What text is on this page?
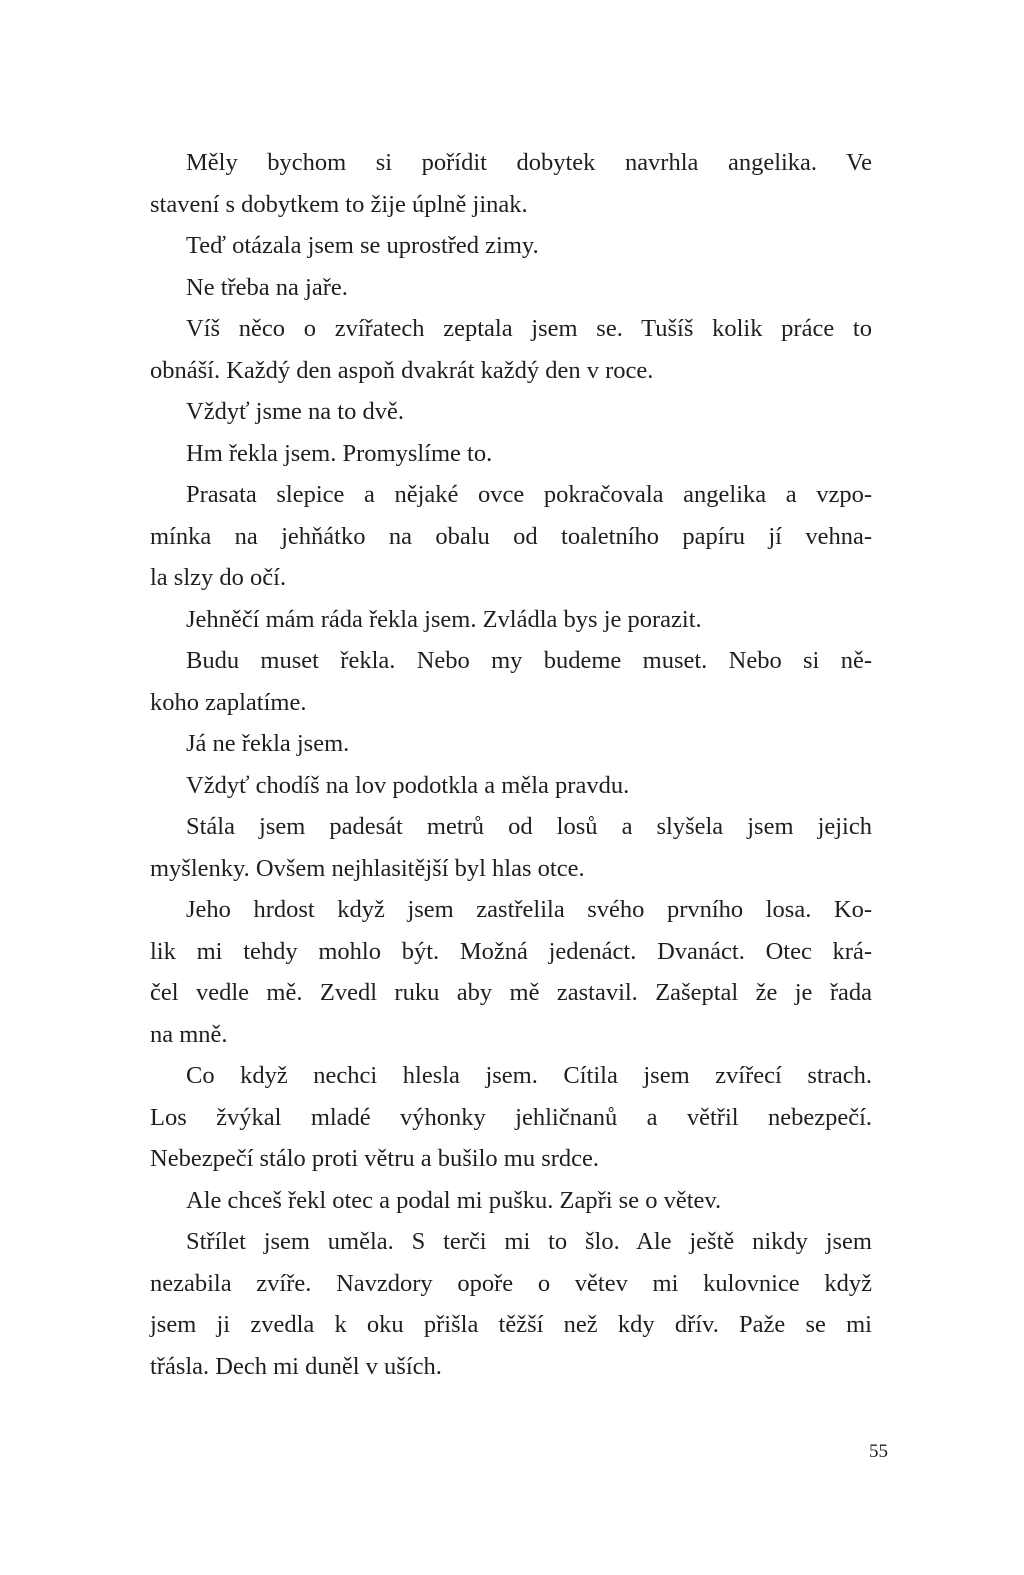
Měly bychom si pořídit dobytek navrhla angelika. Ve
stavení s dobytkem to žije úplně jinak.
Teď otázala jsem se uprostřed zimy.
Ne třeba na jaře.
Víš něco o zvířatech zeptala jsem se. Tušíš kolik práce to
obnáší. Každý den aspoň dvakrát každý den v roce.
Vždyť jsme na to dvě.
Hm řekla jsem. Promyslíme to.
Prasata slepice a nějaké ovce pokračovala angelika a vzpo-
mínka na jehňátko na obalu od toaletního papíru jí vehna-
la slzy do očí.
Jehněčí mám ráda řekla jsem. Zvládla bys je porazit.
Budu muset řekla. Nebo my budeme muset. Nebo si ně-
koho zaplatíme.
Já ne řekla jsem.
Vždyť chodíš na lov podotkla a měla pravdu.
Stála jsem padesát metrů od losů a slyšela jsem jejich
myšlenky. Ovšem nejhlasitější byl hlas otce.
Jeho hrdost když jsem zastřelila svého prvního losa. Ko-
lik mi tehdy mohlo být. Možná jedenáct. Dvanáct. Otec krá-
čel vedle mě. Zvedl ruku aby mě zastavil. Zašeptal že je řada
na mně.
Co když nechci hlesla jsem. Cítila jsem zvířecí strach.
Los žvýkal mladé výhonky jehličnanů a větřil nebezpečí.
Nebezpečí stálo proti větru a bušilo mu srdce.
Ale chceš řekl otec a podal mi pušku. Zapři se o větev.
Střílet jsem uměla. S terči mi to šlo. Ale ještě nikdy jsem
nezabila zvíře. Navzdory opoře o větev mi kulovnice když
jsem ji zvedla k oku přišla těžší než kdy dřív. Paže se mi
třásla. Dech mi duněl v uších.
55
